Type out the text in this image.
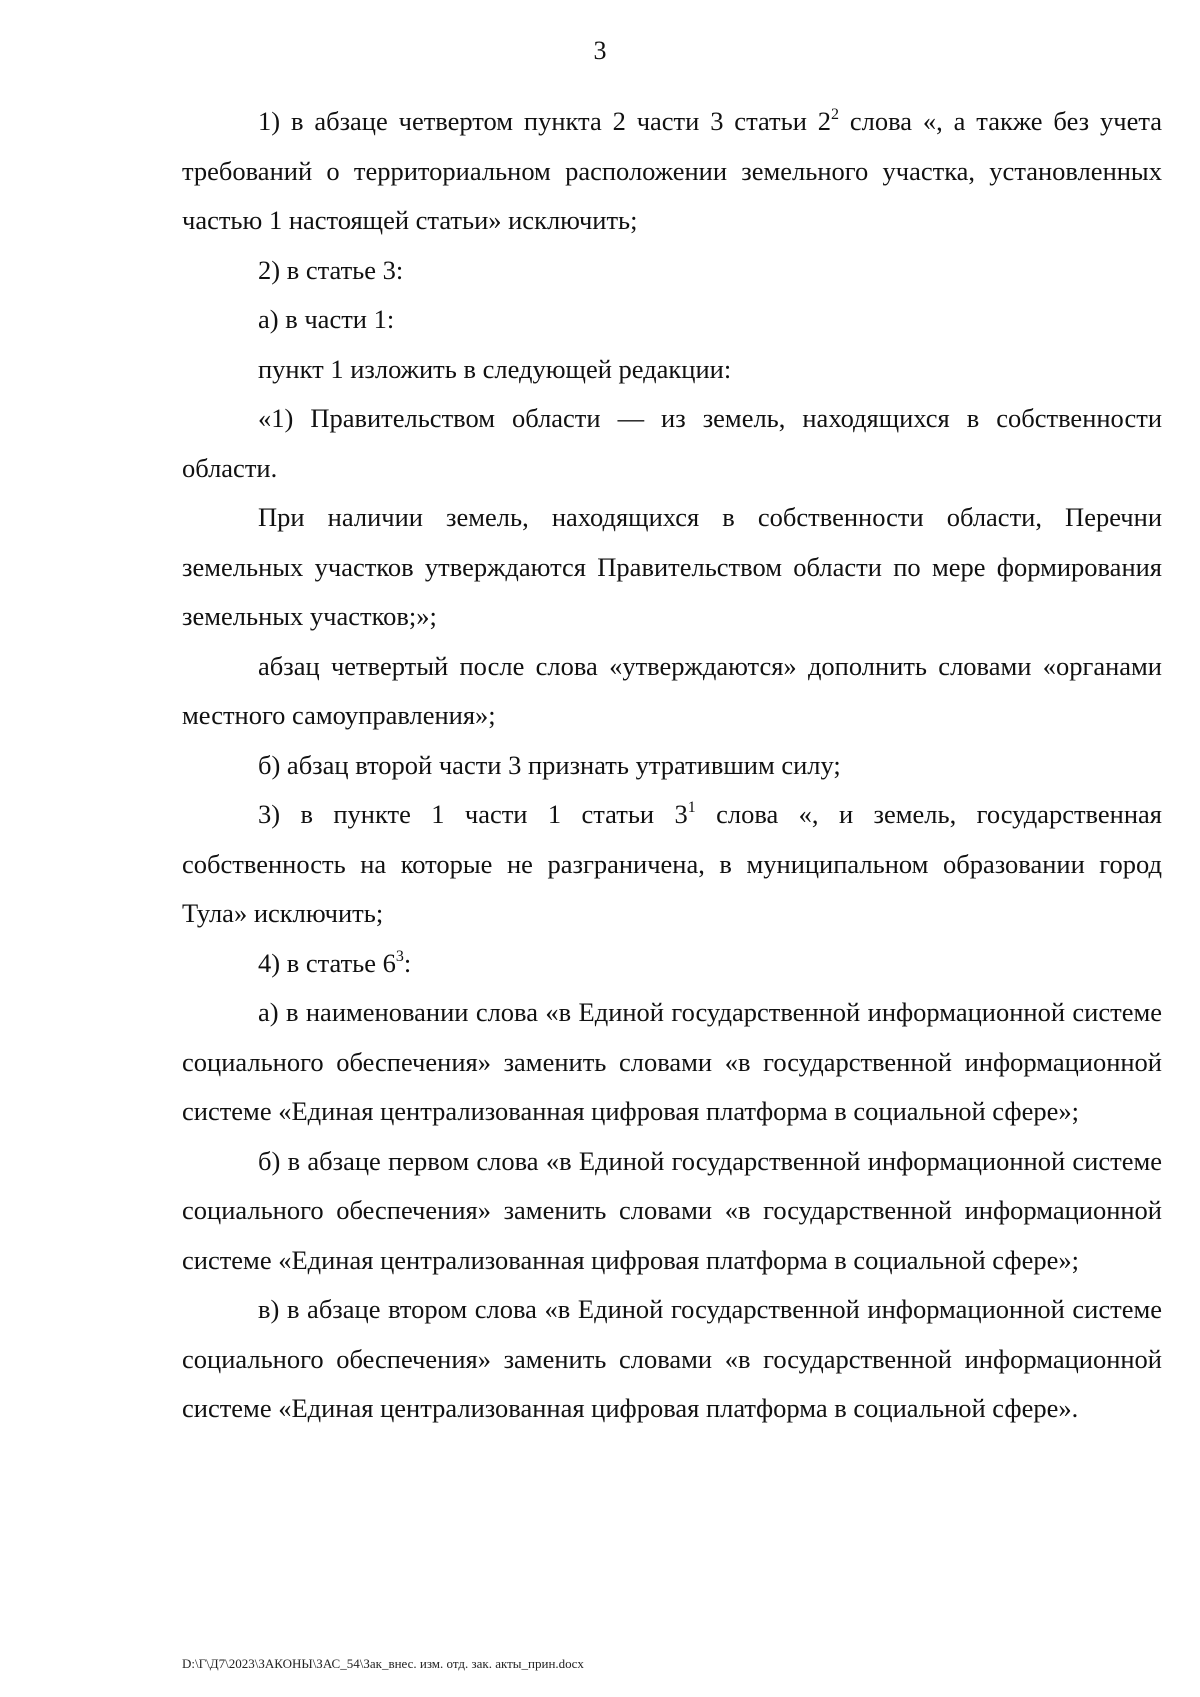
3

1) в абзаце четвертом пункта 2 части 3 статьи $2^2$ слова «, а также без учета требований о территориальном расположении земельного участка, установленных частью 1 настоящей статьи» исключить;

2) в статье 3:

а) в части 1:

пункт 1 изложить в следующей редакции:

«1) Правительством области — из земель, находящихся в собственности области.

При наличии земель, находящихся в собственности области, Перечни земельных участков утверждаются Правительством области по мере формирования земельных участков;»;

абзац четвертый после слова «утверждаются» дополнить словами «органами местного самоуправления»;

б) абзац второй части 3 признать утратившим силу;

3) в пункте 1 части 1 статьи $3^1$ слова «, и земель, государственная собственность на которые не разграничена, в муниципальном образовании город Тула» исключить;

4) в статье $6^3$:

а) в наименовании слова «в Единой государственной информационной системе социального обеспечения» заменить словами «в государственной информационной системе «Единая централизованная цифровая платформа в социальной сфере»;

б) в абзаце первом слова «в Единой государственной информационной системе социального обеспечения» заменить словами «в государственной информационной системе «Единая централизованная цифровая платформа в социальной сфере»;

в) в абзаце втором слова «в Единой государственной информационной системе социального обеспечения» заменить словами «в государственной информационной системе «Единая централизованная цифровая платформа в социальной сфере».

D:\Г\Д7\2023\ЗАКОНЫ\ЗАС_54\Зак_внес. изм. отд. зак. акты_прин.docx
